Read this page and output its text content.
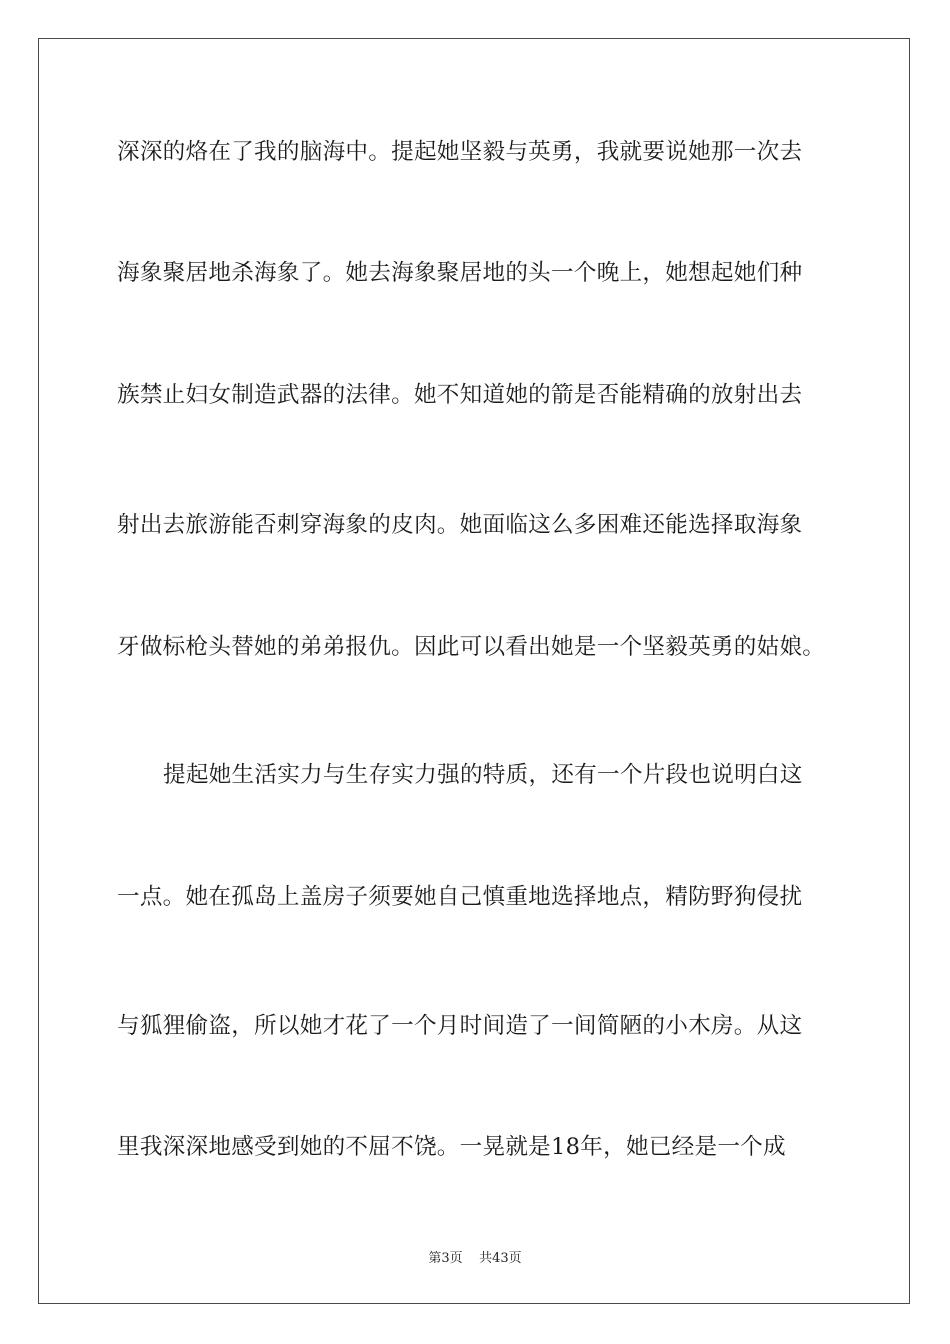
深深的烙在了我的脑海中。提起她坚毅与英勇，我就要说她那一次去
海象聚居地杀海象了。她去海象聚居地的头一个晚上，她想起她们种
族禁止妇女制造武器的法律。她不知道她的箭是否能精确的放射出去
射出去旅游能否刺穿海象的皮肉。她面临这么多困难还能选择取海象
牙做标枪头替她的弟弟报仇。因此可以看出她是一个坚毅英勇的姑娘。
提起她生活实力与生存实力强的特质，还有一个片段也说明白这
一点。她在孤岛上盖房子须要她自己慎重地选择地点，精防野狗侵扰
与狐狸偷盗，所以她才花了一个月时间造了一间简陋的小木房。从这
里我深深地感受到她的不屈不饶。一晃就是18年，她已经是一个成
第3页 共43页
